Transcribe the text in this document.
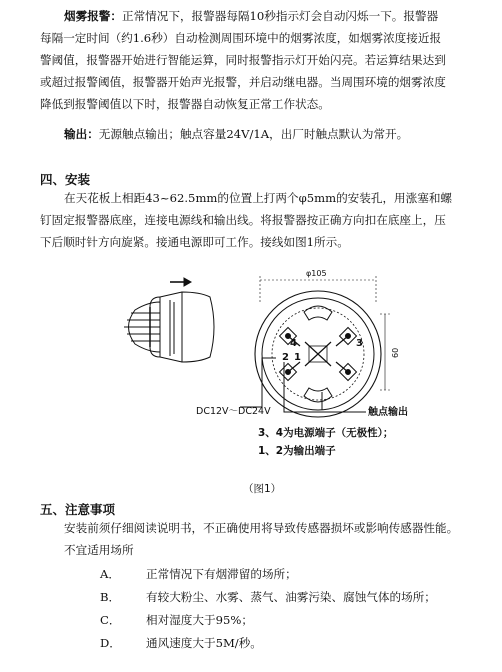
烟雾报警：正常情况下，报警器每隔10秒指示灯会自动闪烁一下。报警器
每隔一定时间（约1.6秒）自动检测周围环境中的烟雾浓度，如烟雾浓度接近报
警阈值，报警器开始进行智能运算，同时报警指示灯开始闪亮。若运算结果达到
或超过报警阈值，报警器开始声光报警，并启动继电器。当周围环境的烟雾浓度
降低到报警阈值以下时，报警器自动恢复正常工作状态。
输出：无源触点输出；触点容量24V/1A，出厂时触点默认为常开。
四、安装
在天花板上相距43~62.5mm的位置上打两个φ5mm的安装孔，用涨塞和螺
钉固定报警器底座，连接电源线和输出线。将报警器按正确方向扣在底座上，压
下后顺时针方向旋紧。接通电源即可工作。接线如图1所示。
φ105
1
2
3
4
60
DC12V～DC24V	触点输出
3、4为电源端子（无极性）；
1、2为输出端子
（图1）
五、注意事项
安装前须仔细阅读说明书，不正确使用将导致传感器损坏或影响传感器性能。
不宜适用场所
A． 正常情况下有烟滞留的场所；
B． 有较大粉尘、水雾、蒸气、油雾污染、腐蚀气体的场所；
C． 相对湿度大于95%；
D． 通风速度大于5M/秒。
